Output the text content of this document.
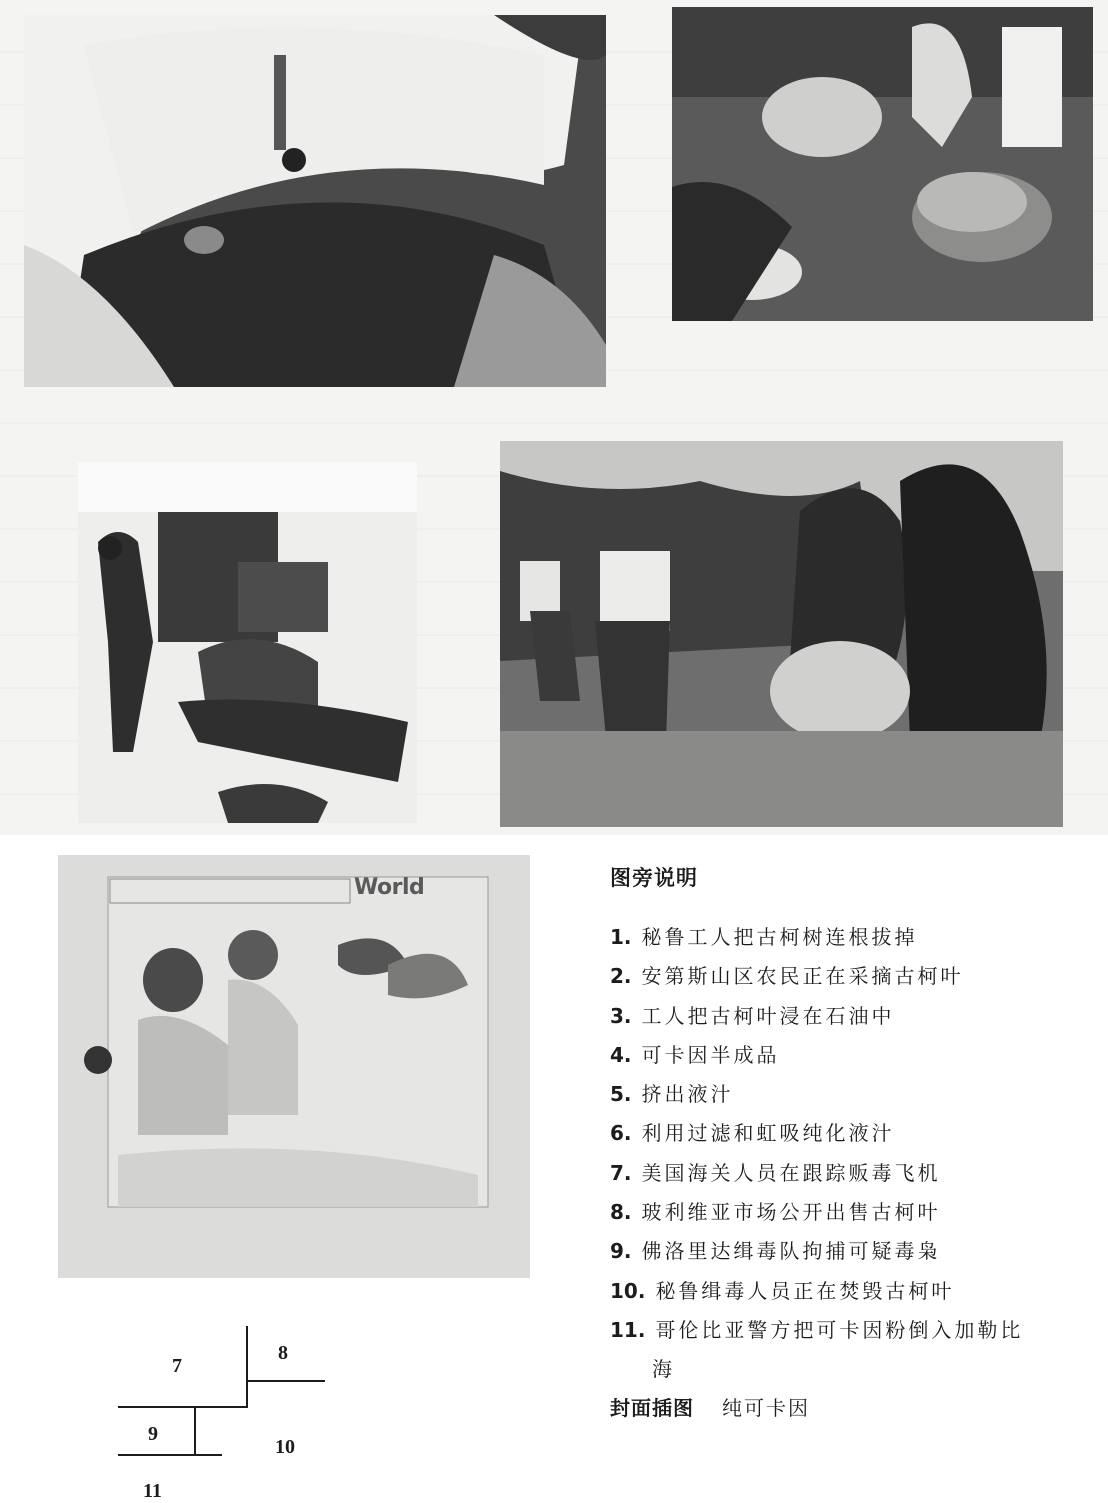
World	图旁说明
1. 秘鲁工人把古柯树连根拔掉
2. 安第斯山区农民正在采摘古柯叶
3. 工人把古柯叶浸在石油中
4. 可卡因半成品
5. 挤出液汁
6. 利用过滤和虹吸纯化液汁
7. 美国海关人员在跟踪贩毒飞机
8. 玻利维亚市场公开出售古柯叶
9. 佛洛里达缉毒队拘捕可疑毒枭
10. 秘鲁缉毒人员正在焚毁古柯叶
11. 哥伦比亚警方把可卡因粉倒入加勒比
海
封面插图 纯可卡因
7
8
9
10
11
